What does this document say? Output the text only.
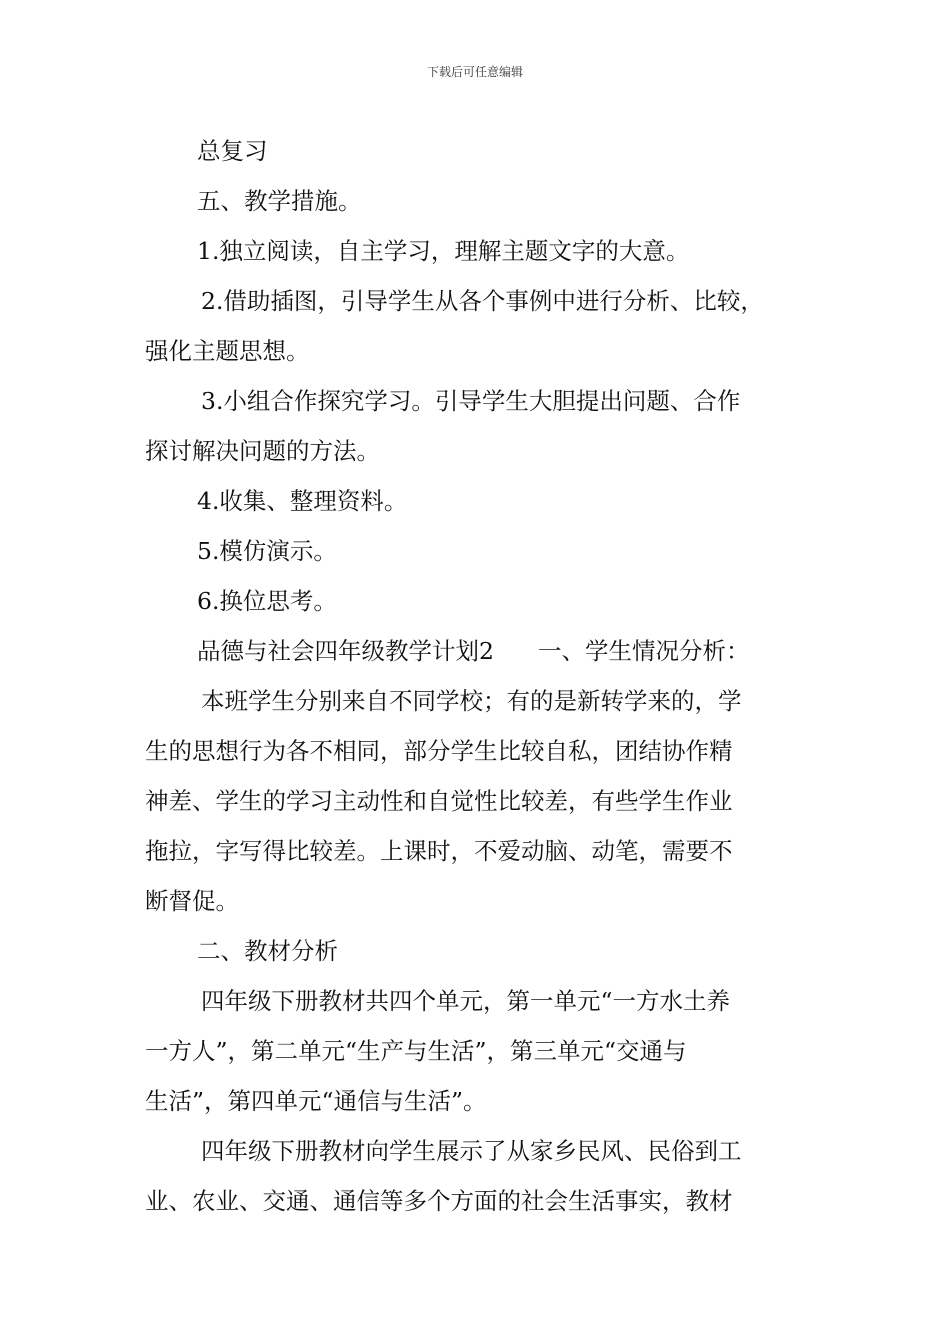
下载后可任意编辑
总复习
五、教学措施。
1.独立阅读，自主学习，理解主题文字的大意。
2.借助插图，引导学生从各个事例中进行分析、比较，
强化主题思想。
3.小组合作探究学习。引导学生大胆提出问题、合作
探讨解决问题的方法。
4.收集、整理资料。
5.模仿演示。
6.换位思考。
品德与社会四年级教学计划2 一、学生情况分析：
本班学生分别来自不同学校；有的是新转学来的，学
生的思想行为各不相同，部分学生比较自私，团结协作精
神差、学生的学习主动性和自觉性比较差，有些学生作业
拖拉，字写得比较差。上课时，不爱动脑、动笔，需要不
断督促。
二、教材分析
四年级下册教材共四个单元，第一单元“一方水土养
一方人”，第二单元“生产与生活”，第三单元“交通与
生活”，第四单元“通信与生活”。
四年级下册教材向学生展示了从家乡民风、民俗到工
业、农业、交通、通信等多个方面的社会生活事实，教材
